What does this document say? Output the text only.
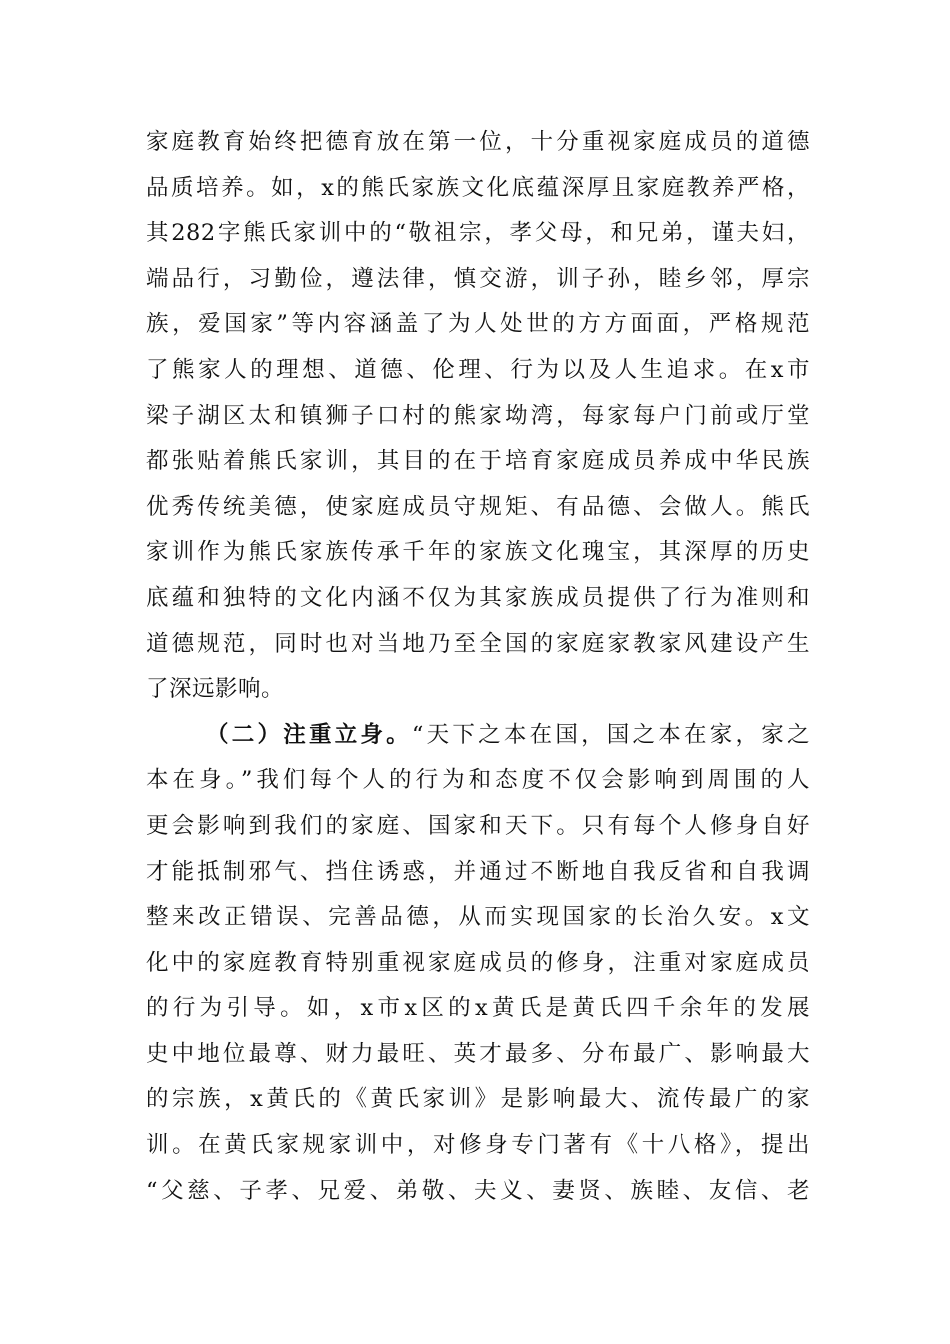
家庭教育始终把德育放在第一位，十分重视家庭成员的道德
品质培养。如，x的熊氏家族文化底蕴深厚且家庭教养严格，
其282字熊氏家训中的“敬祖宗，孝父母，和兄弟，谨夫妇，
端品行，习勤俭，遵法律，慎交游，训子孙，睦乡邻，厚宗
族，爱国家”等内容涵盖了为人处世的方方面面，严格规范
了熊家人的理想、道德、伦理、行为以及人生追求。在x市
梁子湖区太和镇狮子口村的熊家坳湾，每家每户门前或厅堂
都张贴着熊氏家训，其目的在于培育家庭成员养成中华民族
优秀传统美德，使家庭成员守规矩、有品德、会做人。熊氏
家训作为熊氏家族传承千年的家族文化瑰宝，其深厚的历史
底蕴和独特的文化内涵不仅为其家族成员提供了行为准则和
道德规范，同时也对当地乃至全国的家庭家教家风建设产生
了深远影响。
（二）注重立身。“天下之本在国，国之本在家，家之
本在身。”我们每个人的行为和态度不仅会影响到周围的人
更会影响到我们的家庭、国家和天下。只有每个人修身自好
才能抵制邪气、挡住诱惑，并通过不断地自我反省和自我调
整来改正错误、完善品德，从而实现国家的长治久安。x文
化中的家庭教育特别重视家庭成员的修身，注重对家庭成员
的行为引导。如，x市x区的x黄氏是黄氏四千余年的发展
史中地位最尊、财力最旺、英才最多、分布最广、影响最大
的宗族，x黄氏的《黄氏家训》是影响最大、流传最广的家
训。在黄氏家规家训中，对修身专门著有《十八格》，提出
“父慈、子孝、兄爱、弟敬、夫义、妻贤、族睦、友信、老
